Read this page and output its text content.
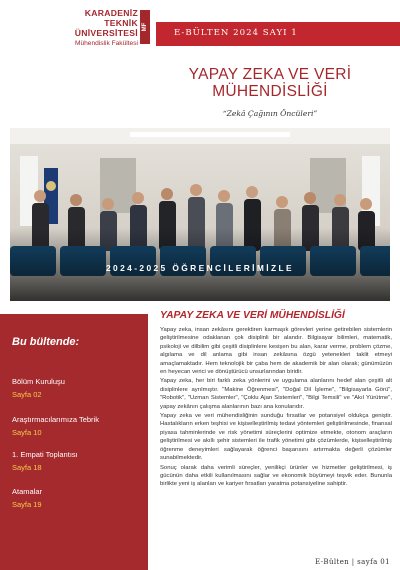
KARADENİZ
TEKNİK ÜNİVERSİTESİ
Mühendislik Fakültesi
MF
E-BÜLTEN 2024 SAYI 1
YAPAY ZEKA VE VERİ
MÜHENDİSLİĞİ
“Zekâ Çağının Öncüleri”
2024-2025 ÖĞRENCİLERİMİZLE
Bu bültende:
Bölüm Kuruluşu
Sayfa 02
Araştırmacılarımıza Tebrik
Sayfa 10
1. Empati Toplantısı
Sayfa 18
Atamalar
Sayfa 19
YAPAY ZEKA VE VERİ MÜHENDİSLİĞİ

Yapay zeka, insan zekâsını gerektiren karmaşık görevleri yerine getirebilen sistemlerin geliştirilmesine odaklanan çok disiplinli bir alandır. Bilgisayar bilimleri, matematik, psikoloji ve dilbilim gibi çeşitli disiplinlere kesişen bu alan, karar verme, problem çözme, algılama ve dil anlama gibi insan zekâsına özgü yetenekleri taklit etmeyi amaçlamaktadır. Hem teknolojik bir çaba hem de akademik bir alan olarak; günümüzün en heyecan verici ve dönüştürücü unsurlarından biridir.

Yapay zeka, her biri farklı zeka yönlerini ve uygulama alanlarını hedef alan çeşitli alt disiplinlere ayrılmıştır. "Makine Öğrenmesi", "Doğal Dil İşleme", "Bilgisayarla Görü", "Robotik", "Uzman Sistemler", "Çoklu Ajan Sistemleri", "Bilgi Temsili" ve "Akıl Yürütme", yapay zekânın çalışma alanlarının bazı ana konularıdır.

Yapay zeka ve veri mühendisliğinin sunduğu fırsatlar ve potansiyel oldukça geniştir. Hastalıkların erken teşhisi ve kişiselleştirilmiş tedavi yöntemleri geliştirilmesinde, finansal piyasa tahminlerinde ve risk yönetimi süreçlerini optimize etmekte, otonom araçların geliştirilmesi ve akıllı şehir sistemleri ile trafik yönetimi gibi çözümlerde, kişiselleştirilmiş öğrenme deneyimleri sağlayarak öğrenci başarısını artırmakta değerli çözümler sunabilmektedir.

Sonuç olarak daha verimli süreçler, yenilikçi ürünler ve hizmetler geliştirilmesi, iş gücünün daha etkili kullanılmasını sağlar ve ekonomik büyümeyi teşvik eder. Bununla birlikte yeni iş alanları ve kariyer fırsatları yaratma potansiyeline sahiptir.

E-Bülten | sayfa 01
